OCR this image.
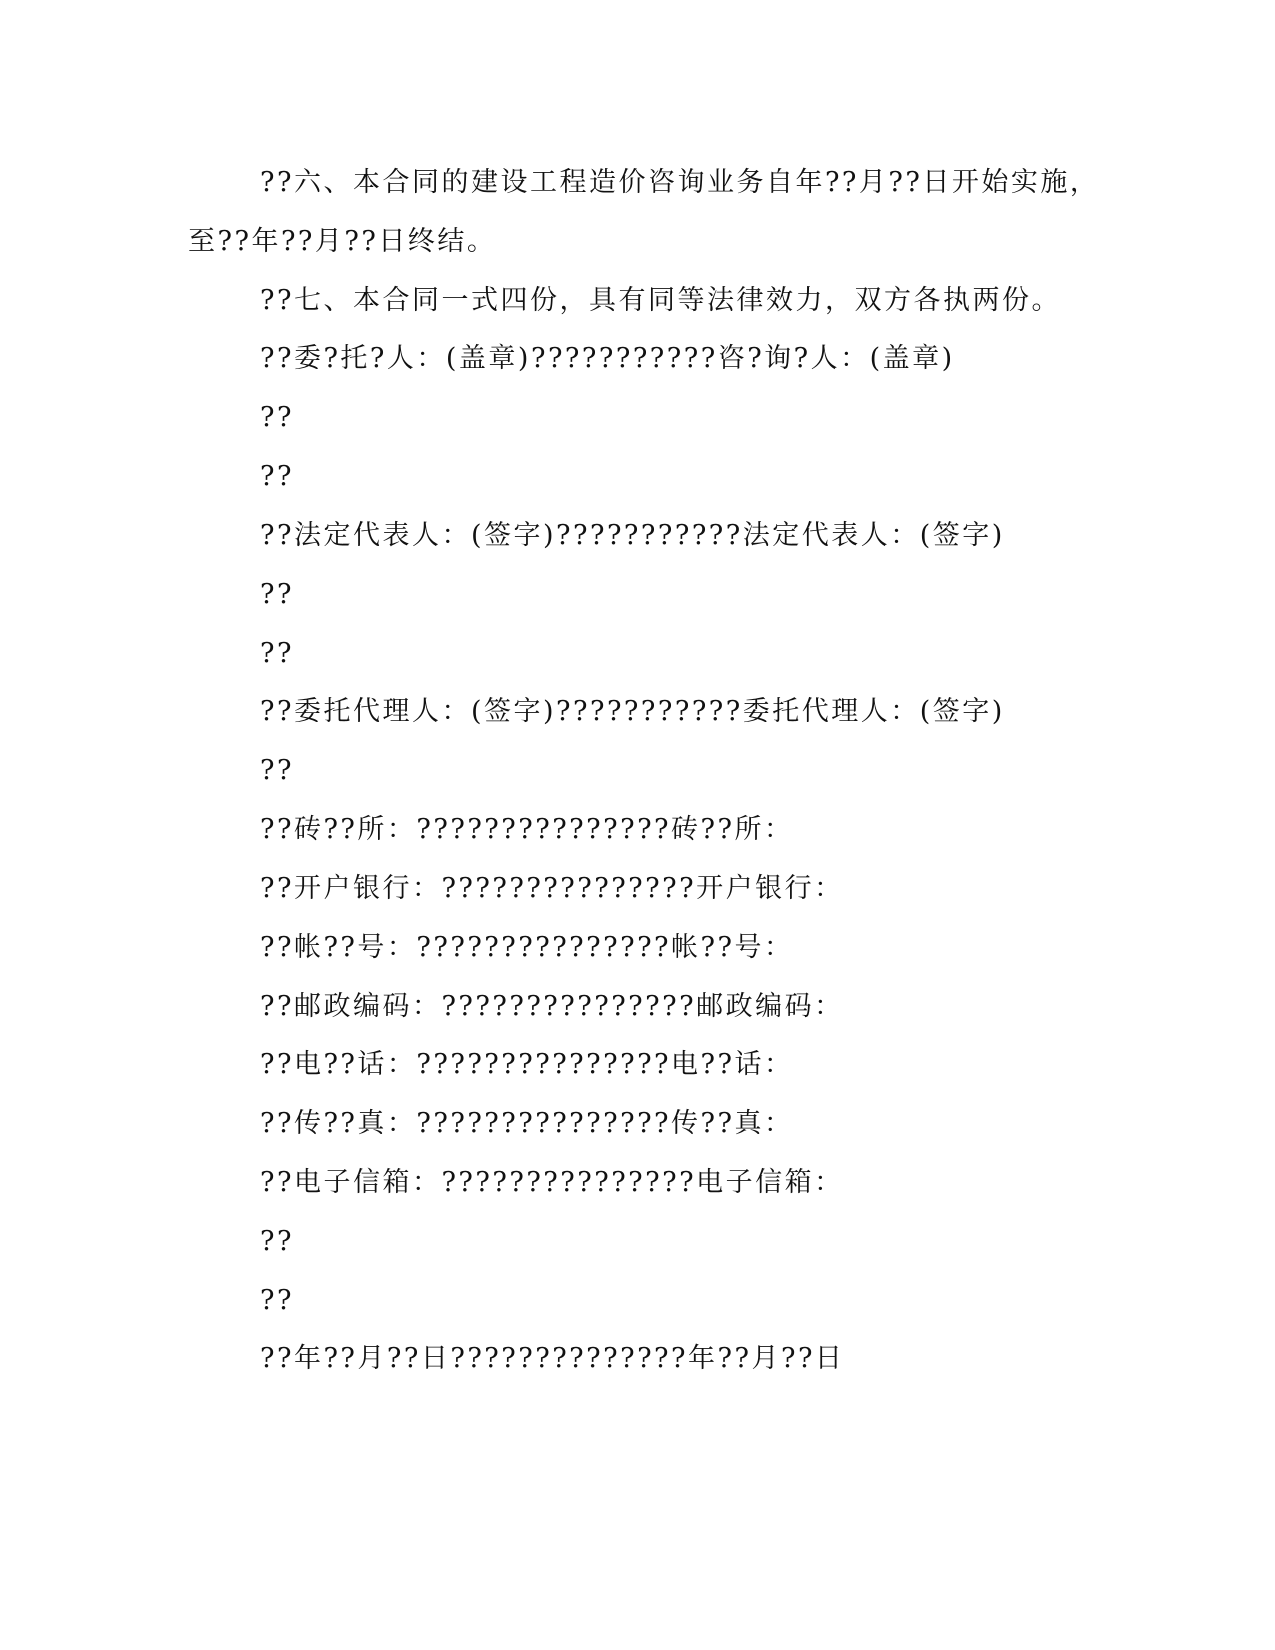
??六、本合同的建设工程造价咨询业务自年??月??日开始实施，
至??年??月??日终结。
??七、本合同一式四份，具有同等法律效力，双方各执两份。
??委?托?人：(盖章)???????????咨?询?人：(盖章)
??
??
??法定代表人：(签字)???????????法定代表人：(签字)
??
??
??委托代理人：(签字)???????????委托代理人：(签字)
??
??砖??所：???????????????砖??所：
??开户银行：???????????????开户银行：
??帐??号：???????????????帐??号：
??邮政编码：???????????????邮政编码：
??电??话：???????????????电??话：
??传??真：???????????????传??真：
??电子信箱：???????????????电子信箱：
??
??
??年??月??日??????????????年??月??日
